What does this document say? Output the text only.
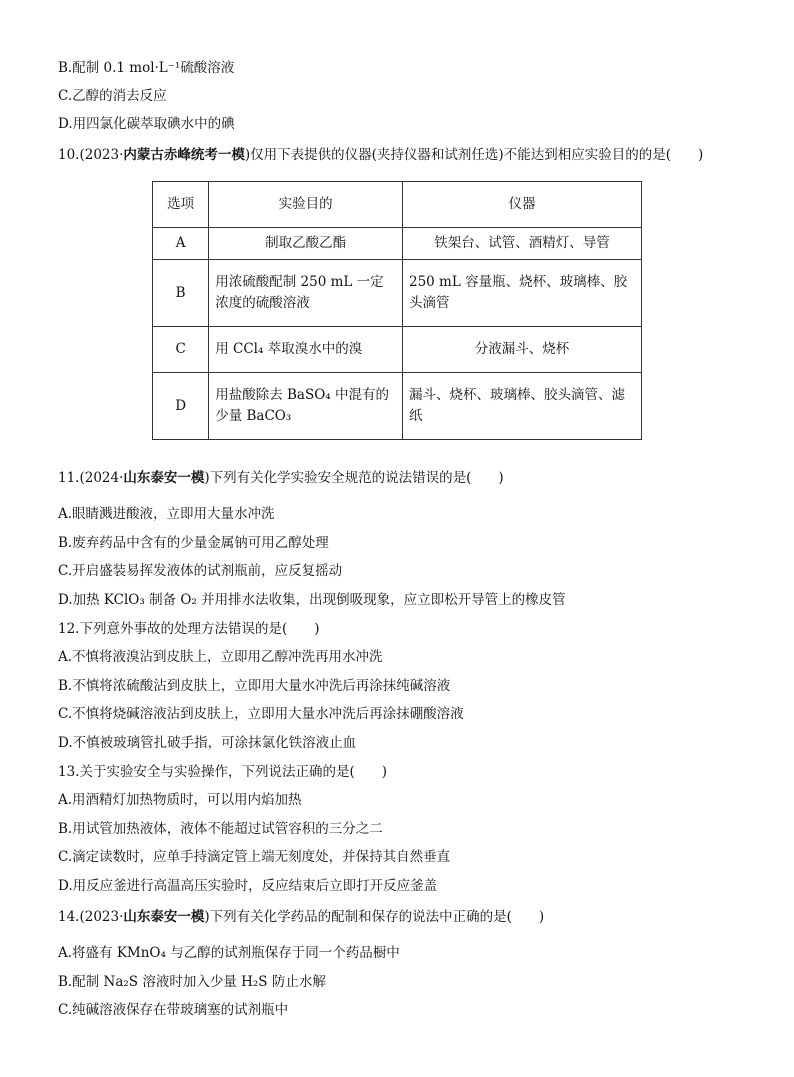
B.配制 0.1 mol·L⁻¹硫酸溶液
C.乙醇的消去反应
D.用四氯化碳萃取碘水中的碘
10.(2023·内蒙古赤峰统考一模)仅用下表提供的仪器(夹持仪器和试剂任选)不能达到相应实验目的的是(　　)
选项	实验目的	仪器
A	制取乙酸乙酯	铁架台、试管、酒精灯、导管
B	用浓硫酸配制 250 mL 一定浓度的硫酸溶液	250 mL 容量瓶、烧杯、玻璃棒、胶头滴管
C	用 CCl₄ 萃取溴水中的溴	分液漏斗、烧杯
D	用盐酸除去 BaSO₄ 中混有的少量 BaCO₃	漏斗、烧杯、玻璃棒、胶头滴管、滤纸
11.(2024·山东泰安一模)下列有关化学实验安全规范的说法错误的是(　　)
A.眼睛溅进酸液，立即用大量水冲洗
B.废弃药品中含有的少量金属钠可用乙醇处理
C.开启盛装易挥发液体的试剂瓶前，应反复摇动
D.加热 KClO₃ 制备 O₂ 并用排水法收集，出现倒吸现象，应立即松开导管上的橡皮管
12.下列意外事故的处理方法错误的是(　　)
A.不慎将液溴沾到皮肤上，立即用乙醇冲洗再用水冲洗
B.不慎将浓硫酸沾到皮肤上，立即用大量水冲洗后再涂抹纯碱溶液
C.不慎将烧碱溶液沾到皮肤上，立即用大量水冲洗后再涂抹硼酸溶液
D.不慎被玻璃管扎破手指，可涂抹氯化铁溶液止血
13.关于实验安全与实验操作，下列说法正确的是(　　)
A.用酒精灯加热物质时，可以用内焰加热
B.用试管加热液体，液体不能超过试管容积的三分之二
C.滴定读数时，应单手持滴定管上端无刻度处，并保持其自然垂直
D.用反应釜进行高温高压实验时，反应结束后立即打开反应釜盖
14.(2023·山东泰安一模)下列有关化学药品的配制和保存的说法中正确的是(　　)
A.将盛有 KMnO₄ 与乙醇的试剂瓶保存于同一个药品橱中
B.配制 Na₂S 溶液时加入少量 H₂S 防止水解
C.纯碱溶液保存在带玻璃塞的试剂瓶中
